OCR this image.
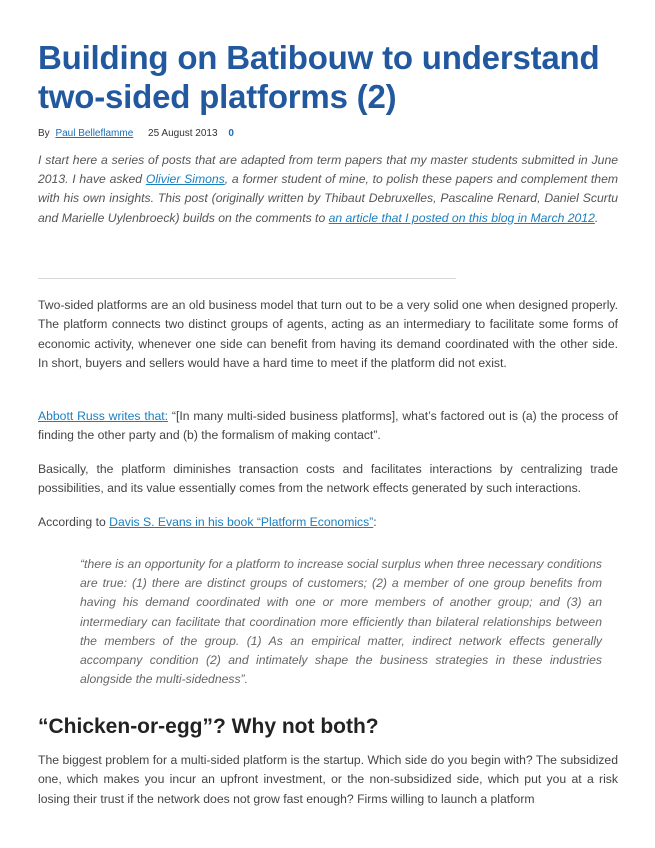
Building on Batibouw to understand two-sided platforms (2)
By Paul Belleflamme 25 August 2013 0

I start here a series of posts that are adapted from term papers that my master students submitted in June 2013. I have asked Olivier Simons, a former student of mine, to polish these papers and complement them with his own insights. This post (originally written by Thibaut Debruxelles, Pascaline Renard, Daniel Scurtu and Marielle Uylenbroeck) builds on the comments to an article that I posted on this blog in March 2012.

Two-sided platforms are an old business model that turn out to be a very solid one when designed properly. The platform connects two distinct groups of agents, acting as an intermediary to facilitate some forms of economic activity, whenever one side can benefit from having its demand coordinated with the other side. In short, buyers and sellers would have a hard time to meet if the platform did not exist.

Abbott Russ writes that: “[In many multi-sided business platforms], what’s factored out is (a) the process of finding the other party and (b) the formalism of making contact”.

Basically, the platform diminishes transaction costs and facilitates interactions by centralizing trade possibilities, and its value essentially comes from the network effects generated by such interactions.

According to Davis S. Evans in his book “Platform Economics”:

“there is an opportunity for a platform to increase social surplus when three necessary conditions are true: (1) there are distinct groups of customers; (2) a member of one group benefits from having his demand coordinated with one or more members of another group; and (3) an intermediary can facilitate that coordination more efficiently than bilateral relationships between the members of the group. (1) As an empirical matter, indirect network effects generally accompany condition (2) and intimately shape the business strategies in these industries alongside the multi-sidedness”.
“Chicken-or-egg”? Why not both?

The biggest problem for a multi-sided platform is the startup. Which side do you begin with? The subsidized one, which makes you incur an upfront investment, or the non-subsidized side, which put you at a risk losing their trust if the network does not grow fast enough? Firms willing to launch a platform
